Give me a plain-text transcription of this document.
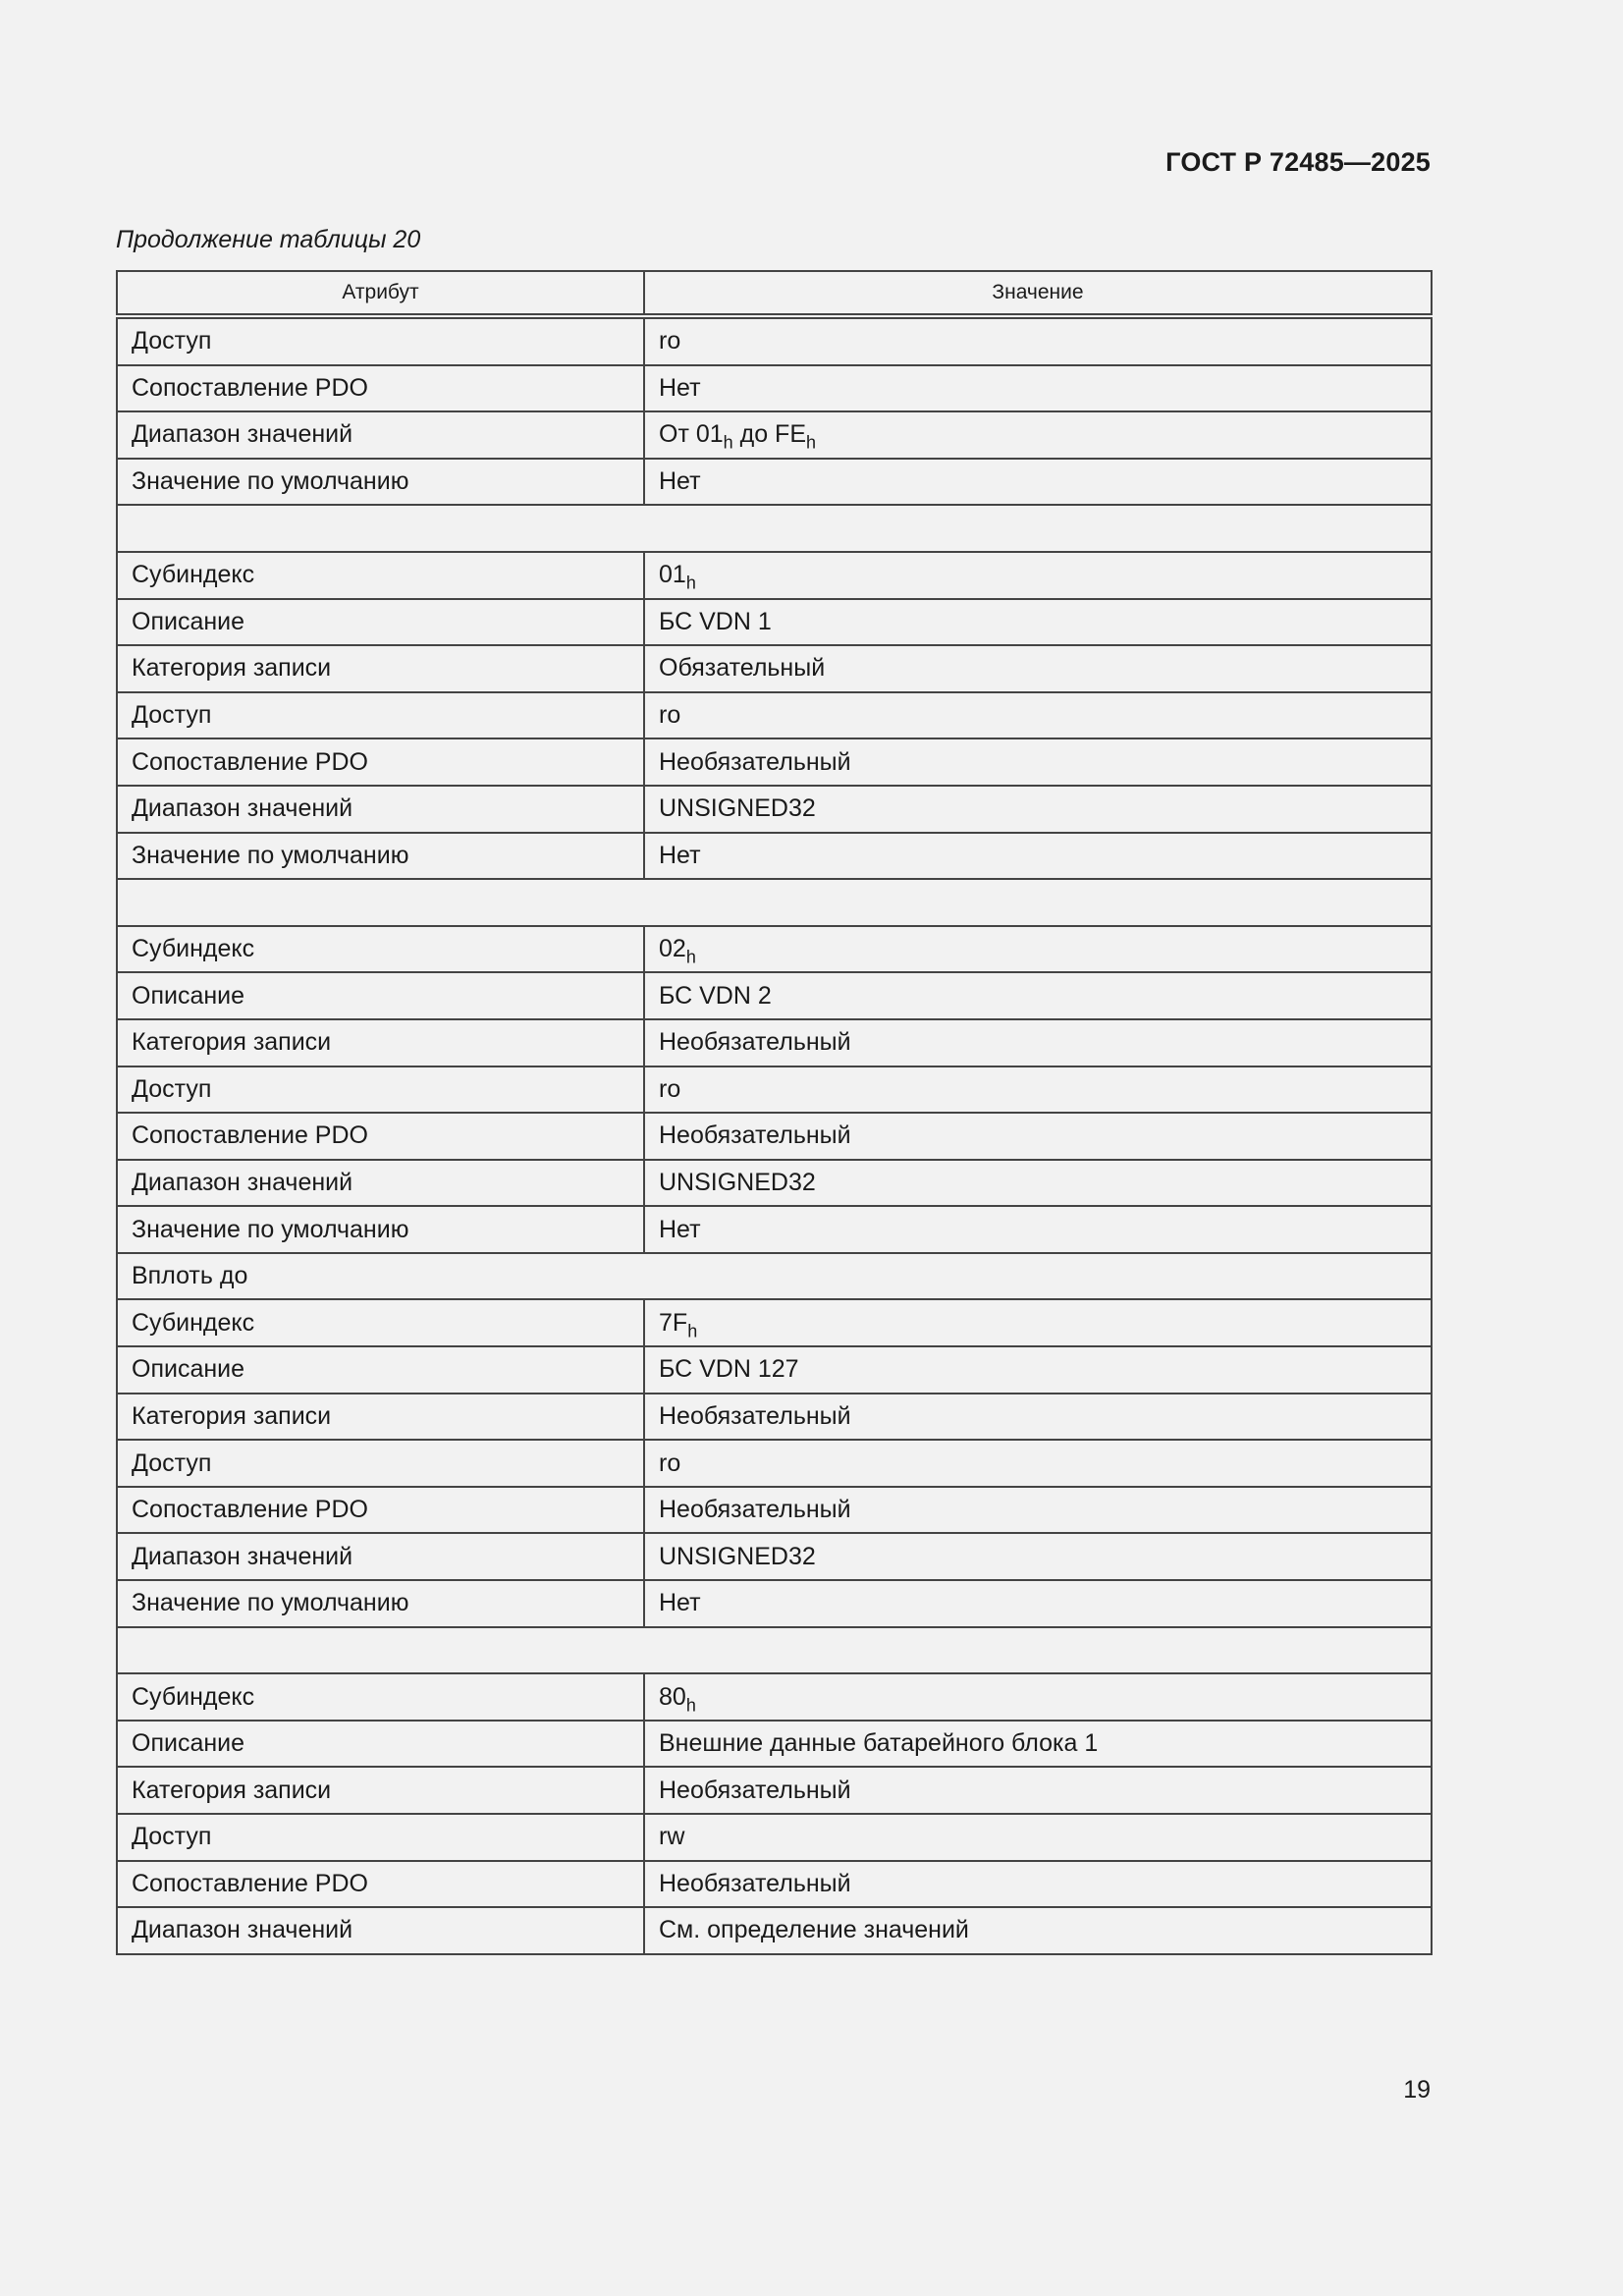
ГОСТ Р 72485—2025
Продолжение таблицы 20
Атрибут	Значение
Доступ	ro
Сопоставление PDO	Нет
Диапазон значений	От $01_h$ до $FE_h$
Значение по умолчанию	Нет

Субиндекс	$01_h$
Описание	БС VDN 1
Категория записи	Обязательный
Доступ	ro
Сопоставление PDO	Необязательный
Диапазон значений	UNSIGNED32
Значение по умолчанию	Нет

Субиндекс	$02_h$
Описание	БС VDN 2
Категория записи	Необязательный
Доступ	ro
Сопоставление PDO	Необязательный
Диапазон значений	UNSIGNED32
Значение по умолчанию	Нет
Вплоть до	
Субиндекс	$7F_h$
Описание	БС VDN 127
Категория записи	Необязательный
Доступ	ro
Сопоставление PDO	Необязательный
Диапазон значений	UNSIGNED32
Значение по умолчанию	Нет

Субиндекс	$80_h$
Описание	Внешние данные батарейного блока 1
Категория записи	Необязательный
Доступ	rw
Сопоставление PDO	Необязательный
Диапазон значений	См. определение значений
19
